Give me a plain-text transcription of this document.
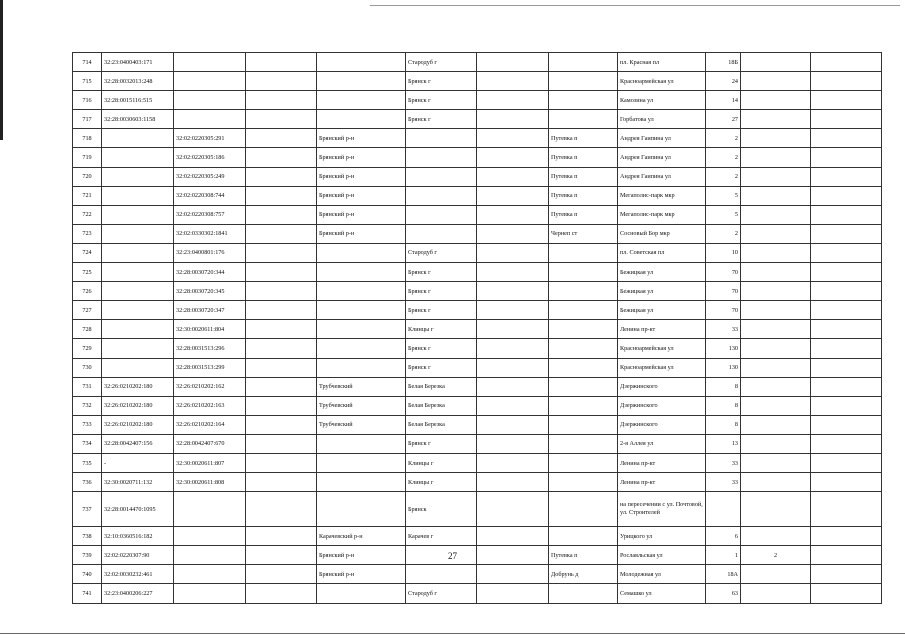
714	32:23:0400403:171				Стародуб г			пл. Красная пл	18Б		
715	32:28:0032013:248				Брянск г			Красноармейская ул	24		
716	32:28:0015116:515				Брянск г			Камозина ул	14		
717	32:28:0030603:1158				Брянск г			Горбатова ул	27		
718		32:02:0220305:291		Брянский р-н			Путевка п	Андрея Гаипина ул	2		
719		32:02:0220305:186		Брянский р-н			Путевка п	Андрея Гаипина ул	2		
720		32:02:0220305:249		Брянский р-н			Путевка п	Андрея Гаипина ул	2		
721		32:02:0220308:744		Брянский р-н			Путевка п	Мегаполис-парк мкр	5		
722		32:02:0220308:757		Брянский р-н			Путевка п	Мегаполис-парк мкр	5		
723		32:02:0330302:1841		Брянский р-н			Чернеп ст	Сосновый Бор мкр	2		
724		32:23:0400801:176			Стародуб г			пл. Советская пл	10		
725		32:28:0030720:344			Брянск г			Бежицкая ул	70		
726		32:28:0030720:345			Брянск г			Бежицкая ул	70		
727		32:28:0030720:347			Брянск г			Бежицкая ул	70		
728		32:30:0020611:804			Клинцы г			Ленина пр-кт	33		
729		32:28:0031513:296			Брянск г			Красноармейская ул	130		
730		32:28:0031513:299			Брянск г			Красноармейская ул	130		
731	32:26:0210202:180	32:26:0210202:162		Трубчевский	Белая Березка			Дзержинского	8		
732	32:26:0210202:180	32:26:0210202:163		Трубчевский	Белая Березка			Дзержинского	8		
733	32:26:0210202:180	32:26:0210202:164		Трубчевский	Белая Березка			Дзержинского	8		
734	32:28:0042407:156	32:28:0042407:670			Брянск г			2-я Аллея ул	13		
735	-	32:30:0020611:807			Клинцы г			Ленина пр-кт	33		
736	32:30:0020711:132	32:30:0020611:808			Клинцы г			Ленина пр-кт	33		
737	32:28:0014470:1095				Брянск			на пересечении с ул. Почтовой, ул. Строителей			
738	32:10:0360516:182			Карачевский р-н	Карачев г			Урицкого ул	6		
739	32:02:0220307:90			Брянский р-н			Путевка п	Рославльская ул	1	2	
740	32:02:0030232:461			Брянский р-н			Добрунь д	Молодежная ул	18А		
741	32:23:0400206:227				Стародуб г			Семашко ул	63		
27
